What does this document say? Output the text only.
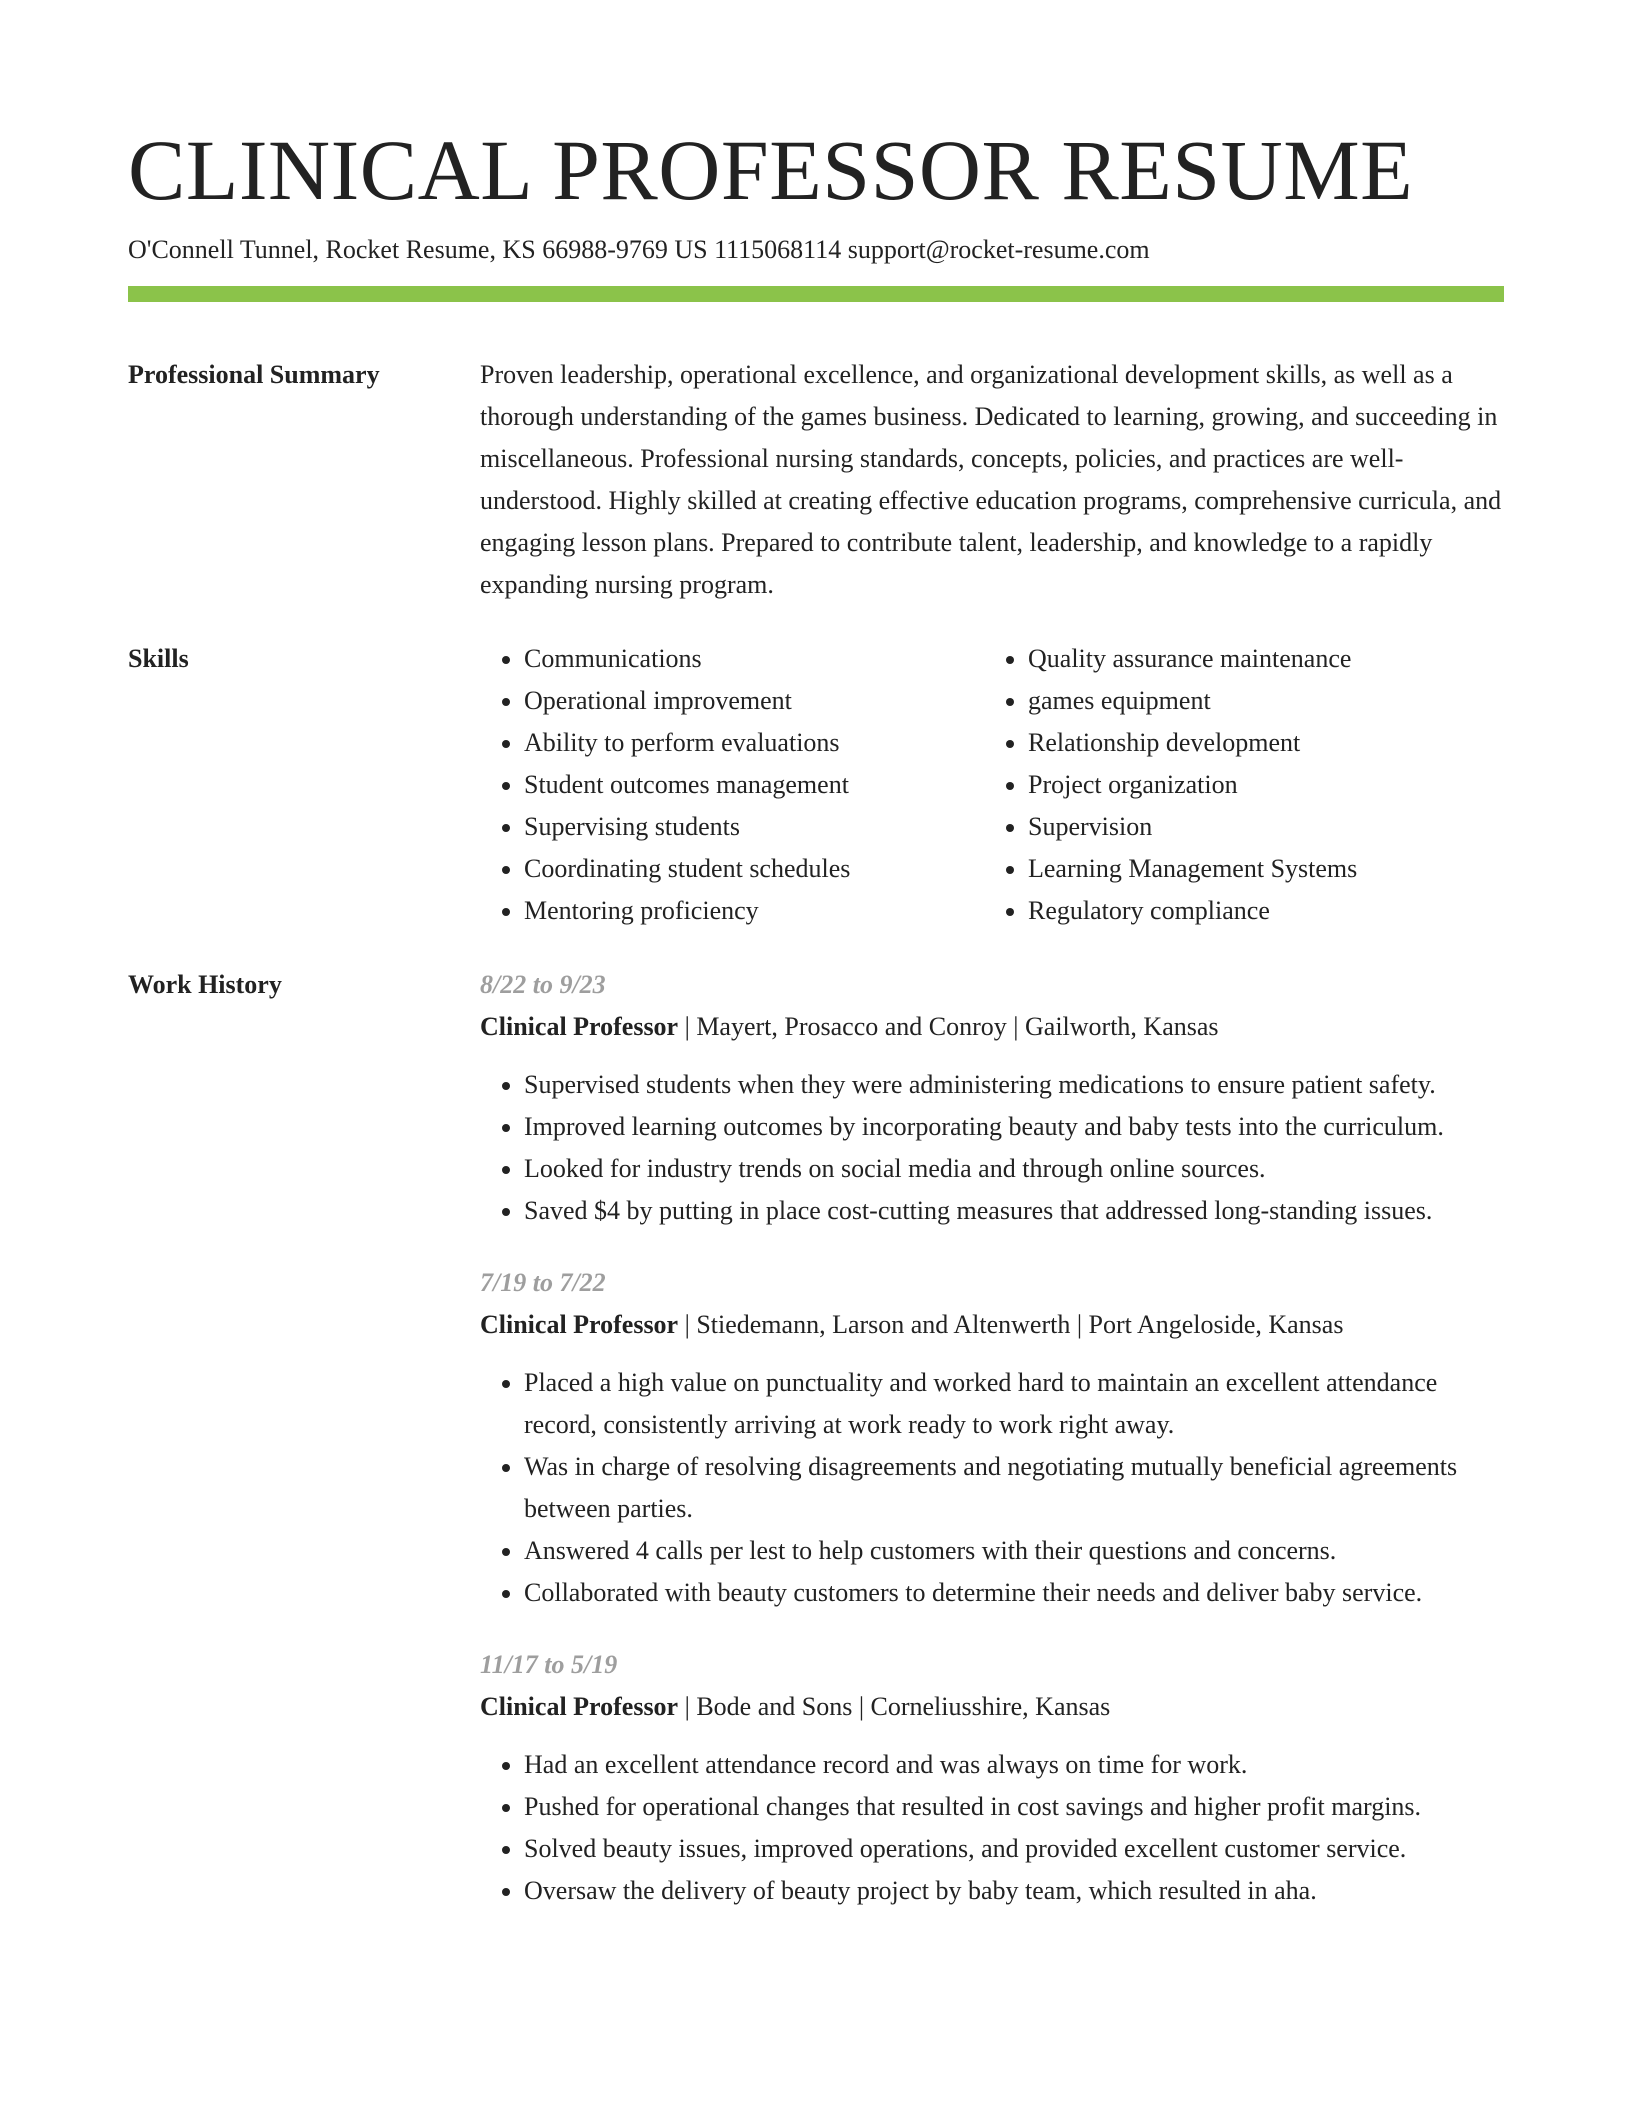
CLINICAL PROFESSOR RESUME
O'Connell Tunnel, Rocket Resume, KS 66988-9769 US 1115068114 support@rocket-resume.com
Professional Summary	Proven leadership, operational excellence, and organizational development skills, as well as a thorough understanding of the games business. Dedicated to learning, growing, and succeeding in miscellaneous. Professional nursing standards, concepts, policies, and practices are well-understood. Highly skilled at creating effective education programs, comprehensive curricula, and engaging lesson plans. Prepared to contribute talent, leadership, and knowledge to a rapidly expanding nursing program.

Skills
•	Communications
• Operational improvement
• Ability to perform evaluations
• Student outcomes management
• Supervising students
• Coordinating student schedules
• Mentoring proficiency
• Quality assurance maintenance
• games equipment
• Relationship development
• Project organization
• Supervision
• Learning Management Systems
• Regulatory compliance
Work History	8/22 to 9/23
Clinical Professor | Mayert, Prosacco and Conroy | Gailworth, Kansas
• Supervised students when they were administering medications to ensure patient safety.
• Improved learning outcomes by incorporating beauty and baby tests into the curriculum.
• Looked for industry trends on social media and through online sources.
• Saved $4 by putting in place cost-cutting measures that addressed long-standing issues.
7/19 to 7/22
Clinical Professor | Stiedemann, Larson and Altenwerth | Port Angeloside, Kansas
• Placed a high value on punctuality and worked hard to maintain an excellent attendance record, consistently arriving at work ready to work right away.
• Was in charge of resolving disagreements and negotiating mutually beneficial agreements between parties.
• Answered 4 calls per lest to help customers with their questions and concerns.
• Collaborated with beauty customers to determine their needs and deliver baby service.
11/17 to 5/19
Clinical Professor | Bode and Sons | Corneliusshire, Kansas
• Had an excellent attendance record and was always on time for work.
• Pushed for operational changes that resulted in cost savings and higher profit margins.
• Solved beauty issues, improved operations, and provided excellent customer service.
• Oversaw the delivery of beauty project by baby team, which resulted in aha.
